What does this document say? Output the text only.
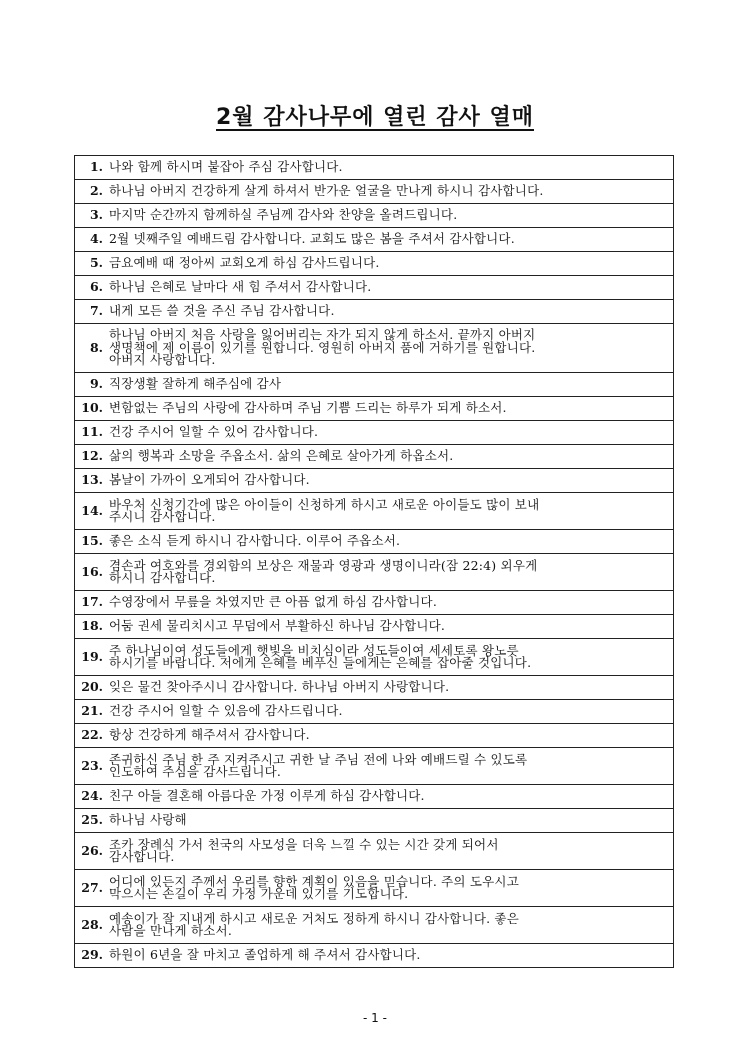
2월 감사나무에 열린 감사 열매
1. 나와 함께 하시며 붙잡아 주심 감사합니다.
2. 하나님 아버지 건강하게 살게 하셔서 반가운 얼굴을 만나게 하시니 감사합니다.
3. 마지막 순간까지 함께하실 주님께 감사와 찬양을 올려드립니다.
4. 2월 넷째주일 예배드림 감사합니다. 교회도 많은 봄을 주셔서 감사합니다.
5. 금요예배 때 정아씨 교회오게 하심 감사드립니다.
6. 하나님 은혜로 날마다 새 힘 주셔서 감사합니다.
7. 내게 모든 쓸 것을 주신 주님 감사합니다.
8.하나님 아버지 처음 사랑을 잃어버리는 자가 되지 않게 하소서. 끝까지 아버지
생명책에 제 이름이 있기를 원합니다. 영원히 아버지 품에 거하기를 원합니다.
아버지 사랑합니다.
9. 직장생활 잘하게 해주심에 감사
10. 변함없는 주님의 사랑에 감사하며 주님 기쁨 드리는 하루가 되게 하소서.
11. 건강 주시어 일할 수 있어 감사합니다.
12. 삶의 행복과 소망을 주옵소서. 삶의 은혜로 살아가게 하옵소서.
13. 봄날이 가까이 오게되어 감사합니다.
14. 바우처 신청기간에 많은 아이들이 신청하게 하시고 새로운 아이들도 많이 보내
주시니 감사합니다.
15. 좋은 소식 듣게 하시니 감사합니다. 이루어 주옵소서.
16. 겸손과 여호와를 경외함의 보상은 재물과 영광과 생명이니라(잠 22:4) 외우게
하시니 감사합니다.
17. 수영장에서 무릎을 차였지만 큰 아픔 없게 하심 감사합니다.
18. 어둠 권세 물리치시고 무덤에서 부활하신 하나님 감사합니다.
19. 주 하나님이여 성도들에게 햇빛을 비치심이라 성도들이여 세세토록 왕노릇
하시기를 바랍니다. 저에게 은혜를 베푸신 들에게는 은혜를 잡아줄 것입니다.
20. 잊은 물건 찾아주시니 감사합니다. 하나님 아버지 사랑합니다.
21. 건강 주시어 일할 수 있음에 감사드립니다.
22. 항상 건강하게 해주셔서 감사합니다.
23. 존귀하신 주님 한 주 지켜주시고 귀한 날 주님 전에 나와 예배드릴 수 있도록
인도하여 주심을 감사드립니다.
24. 친구 아들 결혼해 아름다운 가정 이루게 하심 감사합니다.
25. 하나님 사랑해
26. 조카 장례식 가서 천국의 사모성을 더욱 느낄 수 있는 시간 갖게 되어서
감사합니다.
27. 어디에 있든지 주께서 우리를 향한 계획이 있음을 믿습니다. 주의 도우시고
막으시는 손길이 우리 가정 가운데 있기를 기도합니다.
28. 예송이가 잘 지내게 하시고 새로운 거처도 정하게 하시니 감사합니다. 좋은
사람을 만나게 하소서.
29. 하원이 6년을 잘 마치고 졸업하게 해 주셔서 감사합니다.
- 1 -
